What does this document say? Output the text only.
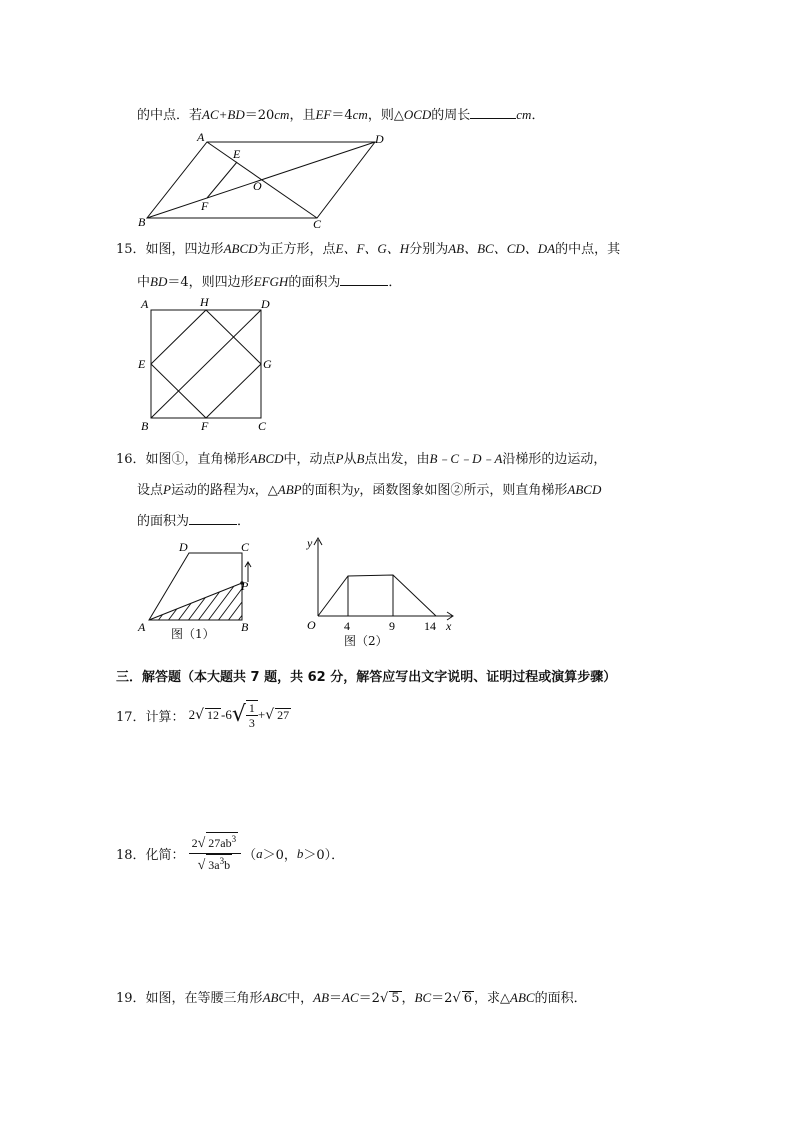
的中点．若AC+BD＝20cm，且EF＝4cm，则△OCD的周长	cm．
A	D
E
O
F
B	C
15．如图，四边形ABCD为正方形，点E、F、G、H分别为AB、BC、CD、DA的中点，其
中BD＝4，则四边形EFGH的面积为	．
A	H	D
E	G
B	F	C
16．如图①，直角梯形ABCD中，动点P从B点出发，由B﹣C﹣D﹣A沿梯形的边运动，
设点P运动的路程为x，△ABP的面积为y，函数图象如图②所示，则直角梯形ABCD
的面积为	．
D	C
P
A	B
图（1）
y
O 4	9 14 x
图（2）
三．解答题（本大题共 7 题，共 62 分，解答应写出文字说明、证明过程或演算步骤）
17． 计算： 2 √ 12 -6 √ $\frac{1}{3}$ + √ 27
18． 化简： $\frac{2√ 27ab^3}{√ 3a^3b}$ （ a ＞0， b ＞0）．
19．如图，在等腰三角形ABC中，AB＝AC＝2√ 5 ，BC＝2√ 6 ，求△ABC的面积．
